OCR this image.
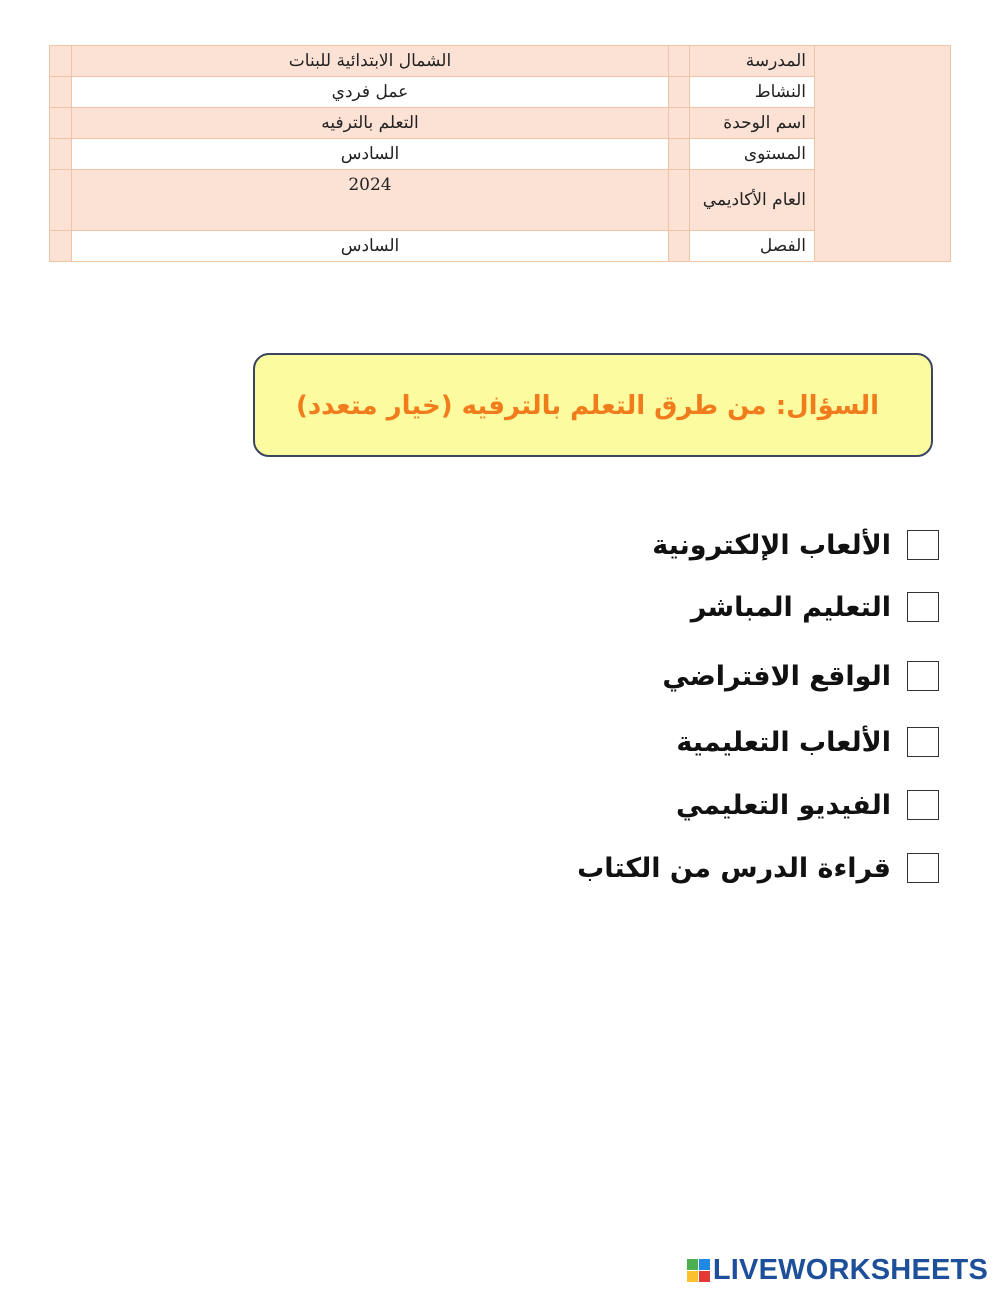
	الشمال الابتدائية للبنات		المدرسة	
	عمل فردي		النشاط	
	التعلم بالترفيه		اسم الوحدة	
	السادس		المستوى	
	2024		العام الأكاديمي	
	السادس		الفصل	
السؤال: من طرق التعلم بالترفيه (خيار متعدد)
الألعاب الإلكترونية
التعليم المباشر
الواقع الافتراضي
الألعاب التعليمية
الفيديو التعليمي
قراءة الدرس من الكتاب
LIVEWORKSHEETS
